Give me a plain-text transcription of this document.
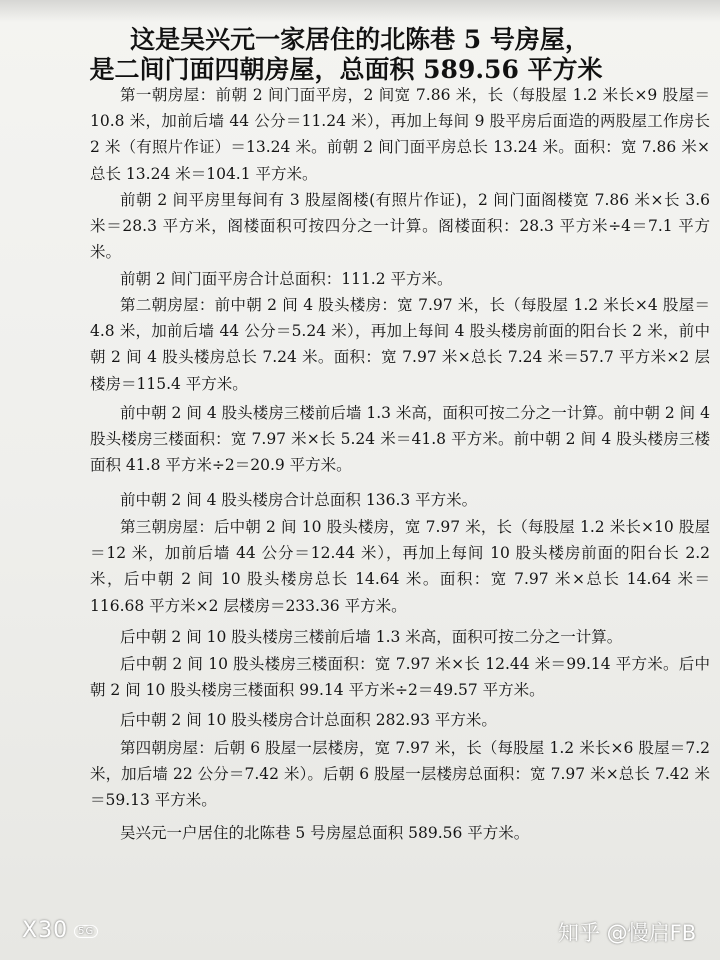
这是吴兴元一家居住的北陈巷 5 号房屋，
是二间门面四朝房屋，总面积 589.56 平方米

第一朝房屋：前朝 2 间门面平房，2 间宽 7.86 米，长（每股屋 1.2 米长×9 股屋＝10.8 米，加前后墙 44 公分＝11.24 米），再加上每间 9 股平房后面造的两股屋工作房长 2 米（有照片作证）＝13.24 米。前朝 2 间门面平房总长 13.24 米。面积：宽 7.86 米×总长 13.24 米＝104.1 平方米。

前朝 2 间平房里每间有 3 股屋阁楼(有照片作证)，2 间门面阁楼宽 7.86 米×长 3.6 米＝28.3 平方米，阁楼面积可按四分之一计算。阁楼面积：28.3 平方米÷4＝7.1 平方米。

前朝 2 间门面平房合计总面积：111.2 平方米。

第二朝房屋：前中朝 2 间 4 股头楼房：宽 7.97 米，长（每股屋 1.2 米长×4 股屋＝4.8 米，加前后墙 44 公分＝5.24 米），再加上每间 4 股头楼房前面的阳台长 2 米，前中朝 2 间 4 股头楼房总长 7.24 米。面积：宽 7.97 米×总长 7.24 米＝57.7 平方米×2 层楼房＝115.4 平方米。

前中朝 2 间 4 股头楼房三楼前后墙 1.3 米高，面积可按二分之一计算。前中朝 2 间 4 股头楼房三楼面积：宽 7.97 米×长 5.24 米＝41.8 平方米。前中朝 2 间 4 股头楼房三楼面积 41.8 平方米÷2＝20.9 平方米。

前中朝 2 间 4 股头楼房合计总面积 136.3 平方米。

第三朝房屋：后中朝 2 间 10 股头楼房，宽 7.97 米，长（每股屋 1.2 米长×10 股屋＝12 米，加前后墙 44 公分＝12.44 米），再加上每间 10 股头楼房前面的阳台长 2.2 米，后中朝 2 间 10 股头楼房总长 14.64 米。面积：宽 7.97 米×总长 14.64 米＝116.68 平方米×2 层楼房＝233.36 平方米。

后中朝 2 间 10 股头楼房三楼前后墙 1.3 米高，面积可按二分之一计算。

后中朝 2 间 10 股头楼房三楼面积：宽 7.97 米×长 12.44 米＝99.14 平方米。后中朝 2 间 10 股头楼房三楼面积 99.14 平方米÷2＝49.57 平方米。

后中朝 2 间 10 股头楼房合计总面积 282.93 平方米。

第四朝房屋：后朝 6 股屋一层楼房，宽 7.97 米，长（每股屋 1.2 米长×6 股屋＝7.2 米，加后墙 22 公分＝7.42 米）。后朝 6 股屋一层楼房总面积：宽 7.97 米×总长 7.42 米＝59.13 平方米。

吴兴元一户居住的北陈巷 5 号房屋总面积 589.56 平方米。

X30 5G	知乎 @慢启FB
